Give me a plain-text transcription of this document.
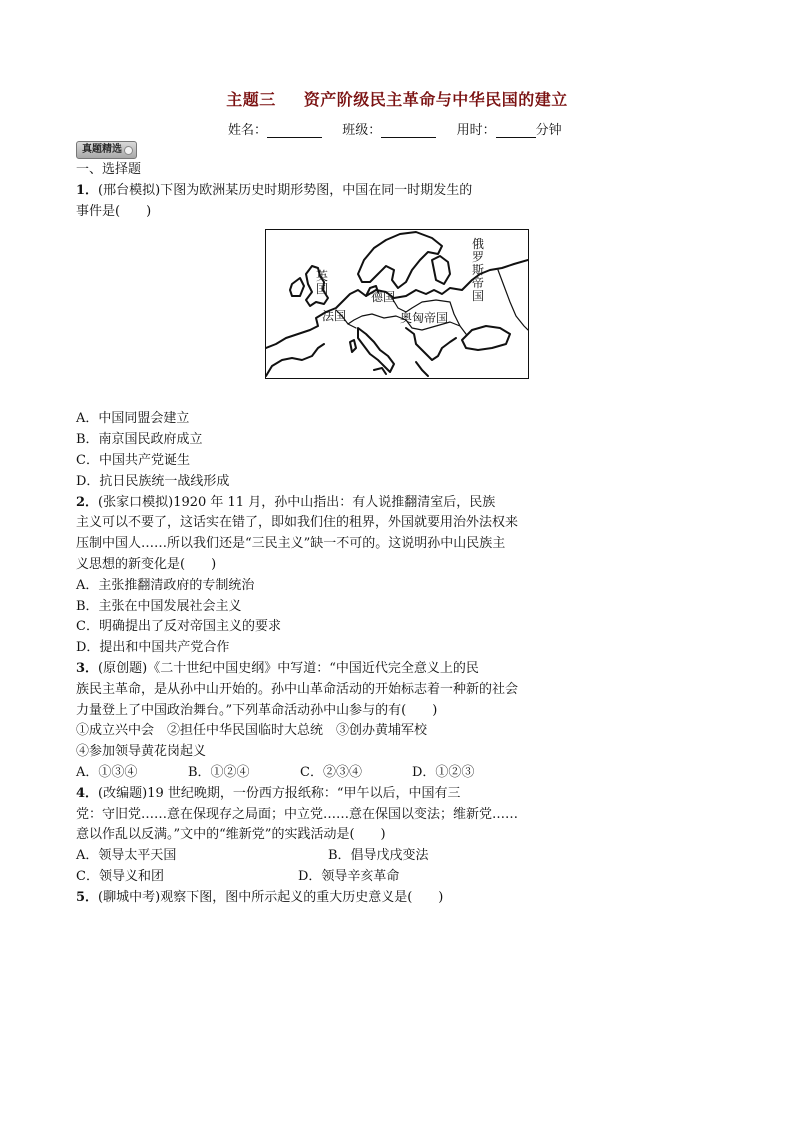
主题三 资产阶级民主革命与中华民国的建立
姓名：	班级：	用时：	分钟
真题精选
一、选择题
1．(邢台模拟)下图为欧洲某历史时期形势图，中国在同一时期发生的
事件是(　　)
A．中国同盟会建立
B．南京国民政府成立
C．中国共产党诞生
D．抗日民族统一战线形成
2．(张家口模拟)1920 年 11 月，孙中山指出：有人说推翻清室后，民族
主义可以不要了，这话实在错了，即如我们住的租界，外国就要用治外法权来
压制中国人……所以我们还是“三民主义”缺一不可的。这说明孙中山民族主
义思想的新变化是(　　)
A．主张推翻清政府的专制统治
B．主张在中国发展社会主义
C．明确提出了反对帝国主义的要求
D．提出和中国共产党合作
3．(原创题)《二十世纪中国史纲》中写道：“中国近代完全意义上的民
族民主革命，是从孙中山开始的。孙中山革命活动的开始标志着一种新的社会
力量登上了中国政治舞台。”下列革命活动孙中山参与的有(　　)
①成立兴中会　②担任中华民国临时大总统　③创办黄埔军校
④参加领导黄花岗起义
A．①③④	B．①②④	C．②③④	D．①②③
4．(改编题)19 世纪晚期，一份西方报纸称：“甲午以后，中国有三
党：守旧党……意在保现存之局面；中立党……意在保国以变法；维新党……
意以作乱以反满。”文中的“维新党”的实践活动是(　　)
A．领导太平天国	B．倡导戊戌变法
C．领导义和团	D．领导辛亥革命
5．(聊城中考)观察下图，图中所示起义的重大历史意义是(　　)
英国
德国
法国	奥匈帝国
俄罗斯帝国
